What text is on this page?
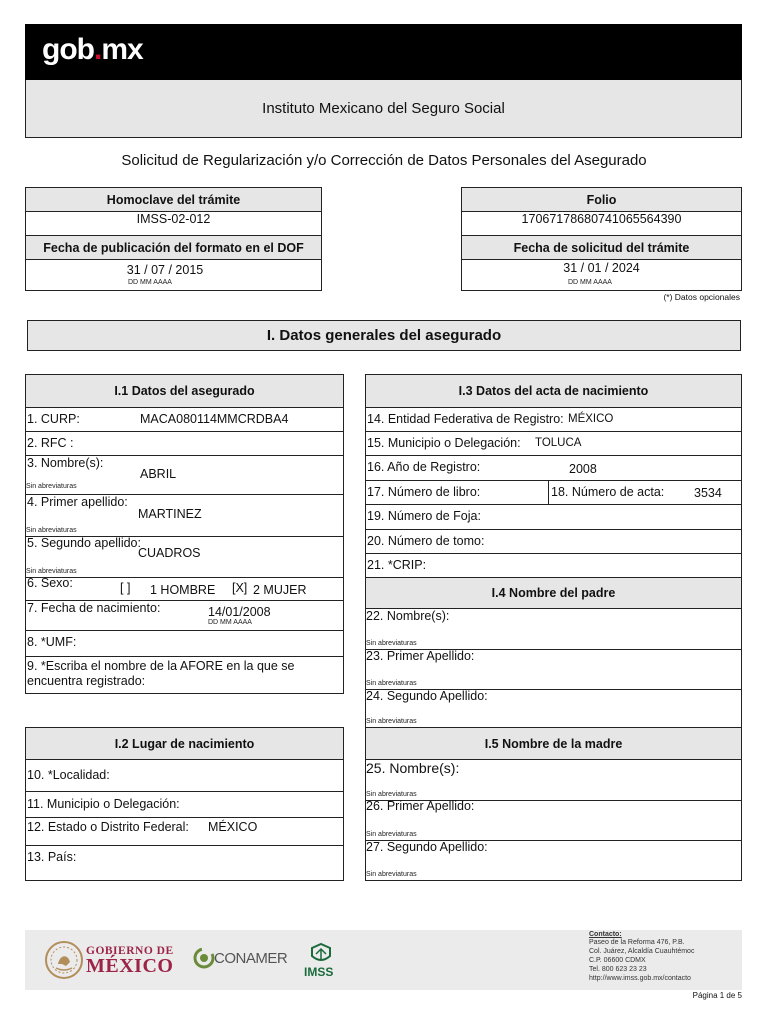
gob.mx
Instituto Mexicano del Seguro Social
Solicitud de Regularización y/o Corrección de Datos Personales del Asegurado
Homoclave del trámite
IMSS-02-012
Fecha de publicación del formato en el DOF
31 / 07 / 2015
DD MM AAAA
Folio
1706717868074106556439​0
Fecha de solicitud del trámite
31 / 01 / 2024
DD MM AAAA
(*) Datos opcionales
I. Datos generales del asegurado
I.1 Datos del asegurado
1. CURP:	MACA080114MMCRDBA4
2. RFC :
3. Nombre(s):
ABRIL
Sin abreviaturas
4. Primer apellido:
MARTINEZ
Sin abreviaturas
5. Segundo apellido:
CUADROS
Sin abreviaturas
6. Sexo:	[ ] 1 HOMBRE [X] 2 MUJER
7. Fecha de nacimiento:	14/01/2008
DD MM AAAA
8. *UMF:
9. *Escriba el nombre de la AFORE en la que se
encuentra registrado:
I.2 Lugar de nacimiento
10. *Localidad:
11. Municipio o Delegación:
12. Estado o Distrito Federal: MÉXICO
13. País:
I.3 Datos del acta de nacimiento
14. Entidad Federativa de Registro: MÉXICO
15. Municipio o Delegación: TOLUCA
16. Año de Registro:	2008
17. Número de libro:	18. Número de acta: 3534
19. Número de Foja:
20. Número de tomo:
21. *CRIP:
I.4 Nombre del padre
22. Nombre(s):
Sin abreviaturas
23. Primer Apellido:
Sin abreviaturas
24. Segundo Apellido:
Sin abreviaturas
I.5 Nombre de la madre
25. Nombre(s):
Sin abreviaturas
26. Primer Apellido:
Sin abreviaturas
27. Segundo Apellido:
Sin abreviaturas
GOBIERNO DE
MÉXICO	CONAMER
IMSS
Contacto:
Paseo de la Reforma 476, P.B.
Col. Juárez, Alcaldía Cuauhtémoc
C.P. 06600 CDMX
Tel. 800 623 23 23
http://www.imss.gob.mx/contacto
Página 1 de 5
